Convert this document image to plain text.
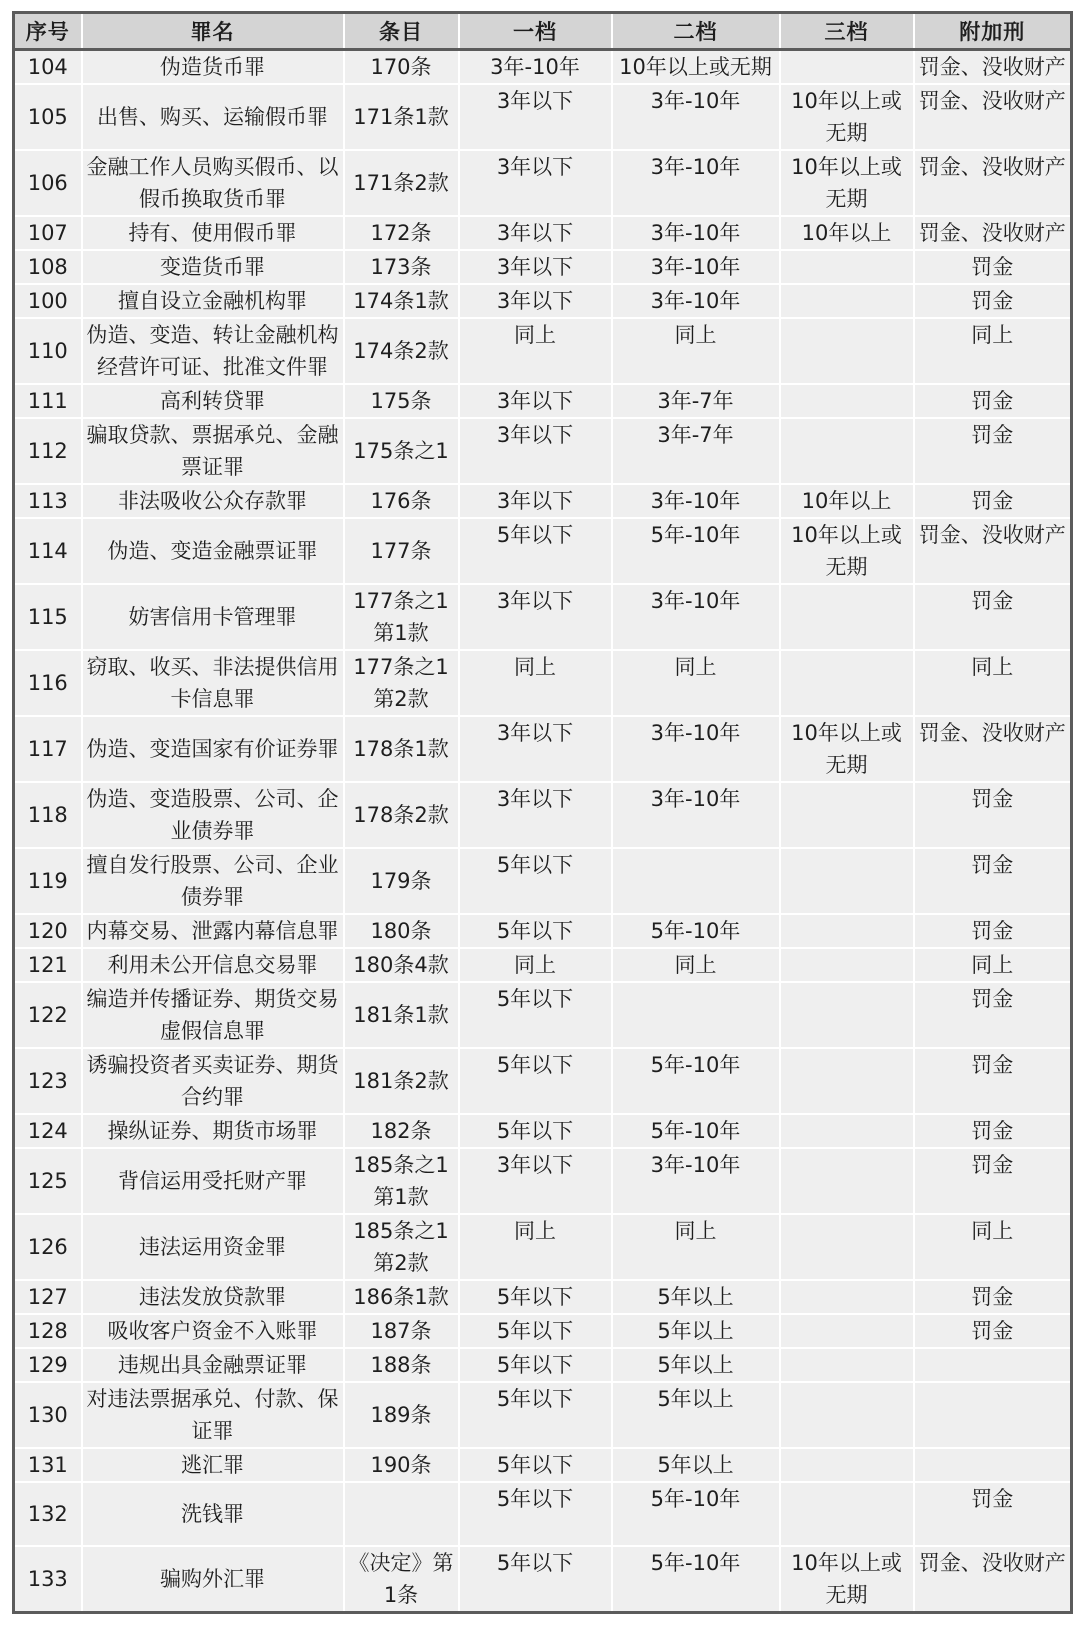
序号	罪名	条目	一档	二档	三档	附加刑
104	伪造货币罪	170条	3年-10年	10年以上或无期		罚金、没收财产
105	出售、购买、运输假币罪	171条1款	3年以下	3年-10年	10年以上或无期	罚金、没收财产
106	金融工作人员购买假币、以假币换取货币罪	171条2款	3年以下	3年-10年	10年以上或无期	罚金、没收财产
107	持有、使用假币罪	172条	3年以下	3年-10年	10年以上	罚金、没收财产
108	变造货币罪	173条	3年以下	3年-10年		罚金
100	擅自设立金融机构罪	174条1款	3年以下	3年-10年		罚金
110	伪造、变造、转让金融机构经营许可证、批准文件罪	174条2款	同上	同上		同上
111	高利转贷罪	175条	3年以下	3年-7年		罚金
112	骗取贷款、票据承兑、金融票证罪	175条之1	3年以下	3年-7年		罚金
113	非法吸收公众存款罪	176条	3年以下	3年-10年	10年以上	罚金
114	伪造、变造金融票证罪	177条	5年以下	5年-10年	10年以上或无期	罚金、没收财产
115	妨害信用卡管理罪	177条之1第1款	3年以下	3年-10年		罚金
116	窃取、收买、非法提供信用卡信息罪	177条之1第2款	同上	同上		同上
117	伪造、变造国家有价证券罪	178条1款	3年以下	3年-10年	10年以上或无期	罚金、没收财产
118	伪造、变造股票、公司、企业债券罪	178条2款	3年以下	3年-10年		罚金
119	擅自发行股票、公司、企业债券罪	179条	5年以下			罚金
120	内幕交易、泄露内幕信息罪	180条	5年以下	5年-10年		罚金
121	利用未公开信息交易罪	180条4款	同上	同上		同上
122	编造并传播证券、期货交易虚假信息罪	181条1款	5年以下			罚金
123	诱骗投资者买卖证券、期货合约罪	181条2款	5年以下	5年-10年		罚金
124	操纵证券、期货市场罪	182条	5年以下	5年-10年		罚金
125	背信运用受托财产罪	185条之1第1款	3年以下	3年-10年		罚金
126	违法运用资金罪	185条之1第2款	同上	同上		同上
127	违法发放贷款罪	186条1款	5年以下	5年以上		罚金
128	吸收客户资金不入账罪	187条	5年以下	5年以上		罚金
129	违规出具金融票证罪	188条	5年以下	5年以上		
130	对违法票据承兑、付款、保证罪	189条	5年以下	5年以上		
131	逃汇罪	190条	5年以下	5年以上		
132	洗钱罪		5年以下	5年-10年		罚金
133	骗购外汇罪	《决定》第1条	5年以下	5年-10年	10年以上或无期	罚金、没收财产
